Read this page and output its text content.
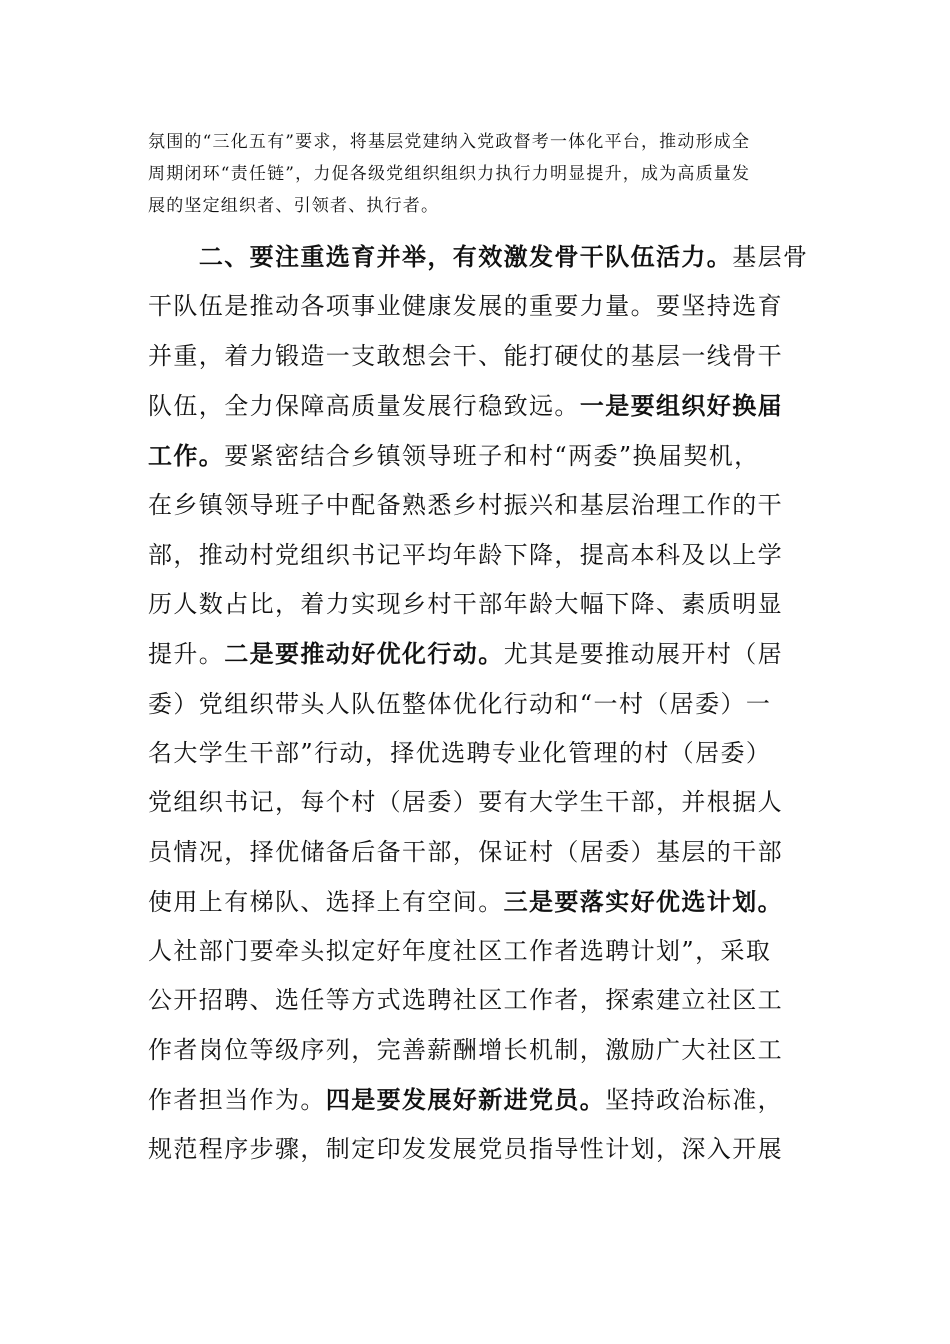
氛围的“三化五有”要求，将基层党建纳入党政督考一体化平台，推动形成全
周期闭环“责任链”，力促各级党组织组织力执行力明显提升，成为高质量发
展的坚定组织者、引领者、执行者。
　　二、要注重选育并举，有效激发骨干队伍活力。基层骨
干队伍是推动各项事业健康发展的重要力量。要坚持选育
并重，着力锻造一支敢想会干、能打硬仗的基层一线骨干
队伍，全力保障高质量发展行稳致远。一是要组织好换届
工作。要紧密结合乡镇领导班子和村“两委”换届契机，
在乡镇领导班子中配备熟悉乡村振兴和基层治理工作的干
部，推动村党组织书记平均年龄下降，提高本科及以上学
历人数占比，着力实现乡村干部年龄大幅下降、素质明显
提升。二是要推动好优化行动。尤其是要推动展开村（居
委）党组织带头人队伍整体优化行动和“一村（居委）一
名大学生干部”行动，择优选聘专业化管理的村（居委）
党组织书记，每个村（居委）要有大学生干部，并根据人
员情况，择优储备后备干部，保证村（居委）基层的干部
使用上有梯队、选择上有空间。三是要落实好优选计划。
人社部门要牵头拟定好年度社区工作者选聘计划”，采取
公开招聘、选任等方式选聘社区工作者，探索建立社区工
作者岗位等级序列，完善薪酬增长机制，激励广大社区工
作者担当作为。四是要发展好新进党员。坚持政治标准，
规范程序步骤，制定印发发展党员指导性计划，深入开展
